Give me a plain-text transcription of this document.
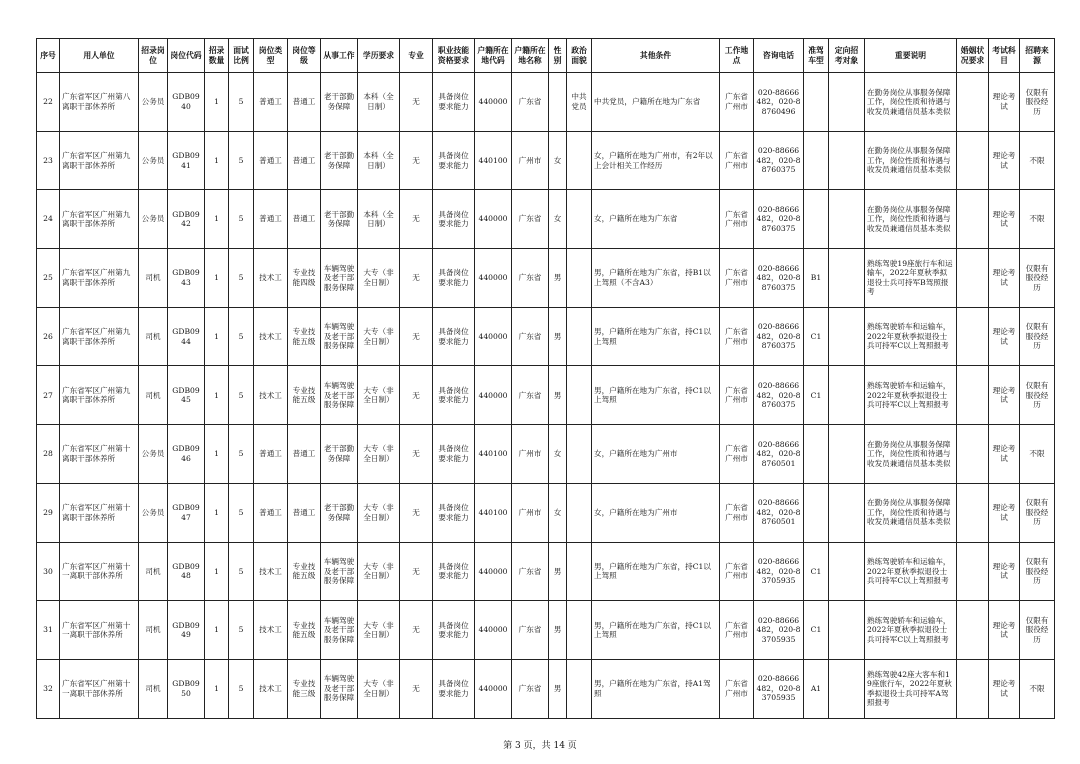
序号	用人单位	招录岗位	岗位代码	招录数量	面试比例	岗位类型	岗位等级	从事工作	学历要求	专业	职业技能资格要求	户籍所在地代码	户籍所在地名称	性别	政治面貌	其他条件	工作地点	咨询电话	准驾车型	定向招考对象	重要说明	婚姻状况要求	考试科目	招聘来源
22	广东省军区广州第八离职干部休养所	公务员	GDB0940	1	5	普通工	普通工	老干部勤务保障	本科（全日制）	无	具备岗位要求能力	440000	广东省		中共党员	中共党员，户籍所在地为广东省	广东省广州市	020-88666482，020-88760496			在勤务岗位从事服务保障工作，岗位性质和待遇与收发员兼通信员基本类似		理论考试	仅限有服役经历
23	广东省军区广州第九离职干部休养所	公务员	GDB0941	1	5	普通工	普通工	老干部勤务保障	本科（全日制）	无	具备岗位要求能力	440100	广州市	女		女，户籍所在地为广州市，有2年以上会计相关工作经历	广东省广州市	020-88666482，020-88760375			在勤务岗位从事服务保障工作，岗位性质和待遇与收发员兼通信员基本类似		理论考试	不限
24	广东省军区广州第九离职干部休养所	公务员	GDB0942	1	5	普通工	普通工	老干部勤务保障	本科（全日制）	无	具备岗位要求能力	440000	广东省	女		女，户籍所在地为广东省	广东省广州市	020-88666482，020-88760375			在勤务岗位从事服务保障工作，岗位性质和待遇与收发员兼通信员基本类似		理论考试	不限
25	广东省军区广州第九离职干部休养所	司机	GDB0943	1	5	技术工	专业技能四级	车辆驾驶及老干部服务保障	大专（非全日制）	无	具备岗位要求能力	440000	广东省	男		男，户籍所在地为广东省，持B1以上驾照（不含A3）	广东省广州市	020-88666482，020-88760375	B1		熟练驾驶19座旅行车和运输车，2022年夏秋季拟退役士兵可持军B驾照报考		理论考试	仅限有服役经历
26	广东省军区广州第九离职干部休养所	司机	GDB0944	1	5	技术工	专业技能五级	车辆驾驶及老干部服务保障	大专（非全日制）	无	具备岗位要求能力	440000	广东省	男		男，户籍所在地为广东省，持C1以上驾照	广东省广州市	020-88666482，020-88760375	C1		熟练驾驶轿车和运输车，2022年夏秋季拟退役士兵可持军C以上驾照报考		理论考试	仅限有服役经历
27	广东省军区广州第九离职干部休养所	司机	GDB0945	1	5	技术工	专业技能五级	车辆驾驶及老干部服务保障	大专（非全日制）	无	具备岗位要求能力	440000	广东省	男		男，户籍所在地为广东省，持C1以上驾照	广东省广州市	020-88666482，020-88760375	C1		熟练驾驶轿车和运输车，2022年夏秋季拟退役士兵可持军C以上驾照报考		理论考试	仅限有服役经历
28	广东省军区广州第十离职干部休养所	公务员	GDB0946	1	5	普通工	普通工	老干部勤务保障	大专（非全日制）	无	具备岗位要求能力	440100	广州市	女		女，户籍所在地为广州市	广东省广州市	020-88666482，020-88760501			在勤务岗位从事服务保障工作，岗位性质和待遇与收发员兼通信员基本类似		理论考试	不限
29	广东省军区广州第十离职干部休养所	公务员	GDB0947	1	5	普通工	普通工	老干部勤务保障	大专（非全日制）	无	具备岗位要求能力	440100	广州市	女		女，户籍所在地为广州市	广东省广州市	020-88666482，020-88760501			在勤务岗位从事服务保障工作，岗位性质和待遇与收发员兼通信员基本类似		理论考试	仅限有服役经历
30	广东省军区广州第十一离职干部休养所	司机	GDB0948	1	5	技术工	专业技能五级	车辆驾驶及老干部服务保障	大专（非全日制）	无	具备岗位要求能力	440000	广东省	男		男，户籍所在地为广东省，持C1以上驾照	广东省广州市	020-88666482，020-83705935	C1		熟练驾驶轿车和运输车，2022年夏秋季拟退役士兵可持军C以上驾照报考		理论考试	仅限有服役经历
31	广东省军区广州第十一离职干部休养所	司机	GDB0949	1	5	技术工	专业技能五级	车辆驾驶及老干部服务保障	大专（非全日制）	无	具备岗位要求能力	440000	广东省	男		男，户籍所在地为广东省，持C1以上驾照	广东省广州市	020-88666482，020-83705935	C1		熟练驾驶轿车和运输车，2022年夏秋季拟退役士兵可持军C以上驾照报考		理论考试	仅限有服役经历
32	广东省军区广州第十一离职干部休养所	司机	GDB0950	1	5	技术工	专业技能三级	车辆驾驶及老干部服务保障	大专（非全日制）	无	具备岗位要求能力	440000	广东省	男		男，户籍所在地为广东省，持A1驾照	广东省广州市	020-88666482，020-83705935	A1		熟练驾驶42座大客车和19座旅行车，2022年夏秋季拟退役士兵可持军A驾照报考		理论考试	不限
第 3 页，共 14 页
